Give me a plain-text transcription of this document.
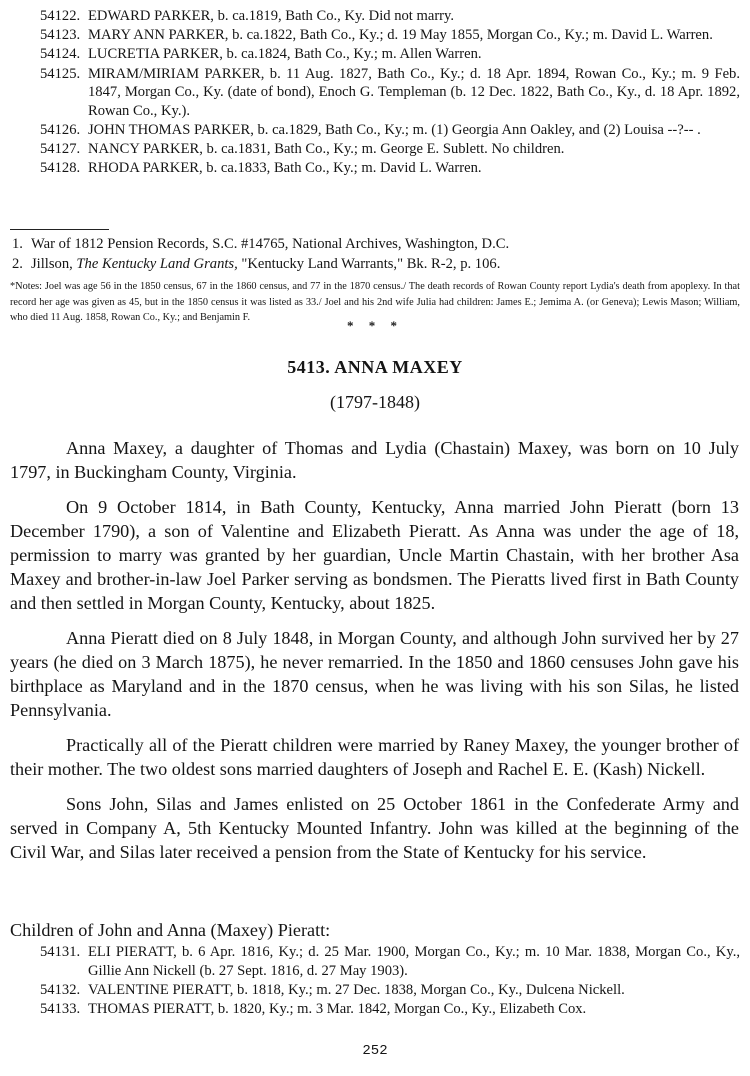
54122. EDWARD PARKER, b. ca.1819, Bath Co., Ky. Did not marry.
54123. MARY ANN PARKER, b. ca.1822, Bath Co., Ky.; d. 19 May 1855, Morgan Co., Ky.; m. David L. Warren.
54124. LUCRETIA PARKER, b. ca.1824, Bath Co., Ky.; m. Allen Warren.
54125. MIRAM/MIRIAM PARKER, b. 11 Aug. 1827, Bath Co., Ky.; d. 18 Apr. 1894, Rowan Co., Ky.; m. 9 Feb. 1847, Morgan Co., Ky. (date of bond), Enoch G. Templeman (b. 12 Dec. 1822, Bath Co., Ky., d. 18 Apr. 1892, Rowan Co., Ky.).
54126. JOHN THOMAS PARKER, b. ca.1829, Bath Co., Ky.; m. (1) Georgia Ann Oakley, and (2) Louisa --?-- .
54127. NANCY PARKER, b. ca.1831, Bath Co., Ky.; m. George E. Sublett. No children.
54128. RHODA PARKER, b. ca.1833, Bath Co., Ky.; m. David L. Warren.
1. War of 1812 Pension Records, S.C. #14765, National Archives, Washington, D.C.
2. Jillson, The Kentucky Land Grants, "Kentucky Land Warrants," Bk. R-2, p. 106.
*Notes: Joel was age 56 in the 1850 census, 67 in the 1860 census, and 77 in the 1870 census./ The death records of Rowan County report Lydia's death from apoplexy. In that record her age was given as 45, but in the 1850 census it was listed as 33./ Joel and his 2nd wife Julia had children: James E.; Jemima A. (or Geneva); Lewis Mason; William, who died 11 Aug. 1858, Rowan Co., Ky.; and Benjamin F.
* * *
5413. ANNA MAXEY
(1797-1848)

Anna Maxey, a daughter of Thomas and Lydia (Chastain) Maxey, was born on 10 July 1797, in Buckingham County, Virginia.

On 9 October 1814, in Bath County, Kentucky, Anna married John Pieratt (born 13 December 1790), a son of Valentine and Elizabeth Pieratt. As Anna was under the age of 18, permission to marry was granted by her guardian, Uncle Martin Chastain, with her brother Asa Maxey and brother-in-law Joel Parker serving as bondsmen. The Pieratts lived first in Bath County and then settled in Morgan County, Kentucky, about 1825.

Anna Pieratt died on 8 July 1848, in Morgan County, and although John survived her by 27 years (he died on 3 March 1875), he never remarried. In the 1850 and 1860 censuses John gave his birthplace as Maryland and in the 1870 census, when he was living with his son Silas, he listed Pennsylvania.

Practically all of the Pieratt children were married by Raney Maxey, the younger brother of their mother. The two oldest sons married daughters of Joseph and Rachel E. E. (Kash) Nickell.

Sons John, Silas and James enlisted on 25 October 1861 in the Confederate Army and served in Company A, 5th Kentucky Mounted Infantry. John was killed at the beginning of the Civil War, and Silas later received a pension from the State of Kentucky for his service.

Children of John and Anna (Maxey) Pieratt:
54131. ELI PIERATT, b. 6 Apr. 1816, Ky.; d. 25 Mar. 1900, Morgan Co., Ky.; m. 10 Mar. 1838, Morgan Co., Ky., Gillie Ann Nickell (b. 27 Sept. 1816, d. 27 May 1903).
54132. VALENTINE PIERATT, b. 1818, Ky.; m. 27 Dec. 1838, Morgan Co., Ky., Dulcena Nickell.
54133. THOMAS PIERATT, b. 1820, Ky.; m. 3 Mar. 1842, Morgan Co., Ky., Elizabeth Cox.
252
